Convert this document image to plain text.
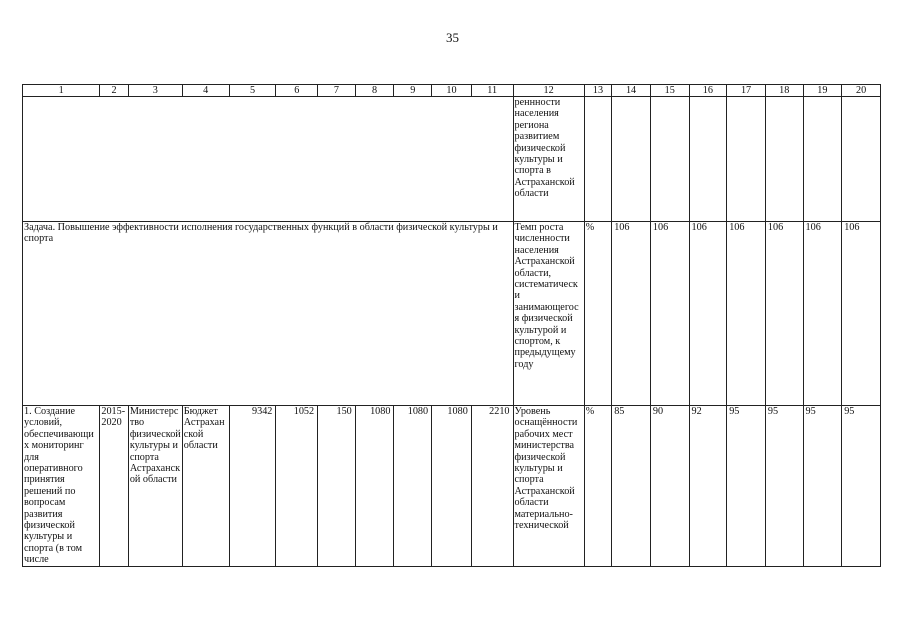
35
1	2	3	4	5	6	7	8	9	10	11	12	13	14	15	16	17	18	19	20
											реннности населения региона развитием физической культуры и спорта в Астраханской области								
Задача. Повышение эффективности исполнения государственных функций в области физической культуры и спорта											Темп роста численности населения Астраханской области, систематически занимающегося физической культурой и спортом, к предыдущему году	%	106	106	106	106	106	106	106
1. Создание условий, обеспечивающих мониторинг для оперативного принятия решений по вопросам развития физической культуры и спорта (в том числе	2015-2020	Министерство физической культуры и спорта Астраханской области	Бюджет Астраханской области	9342	1052	150	1080	1080	1080	2210	Уровень оснащённости рабочих мест министерства физической культуры и спорта Астраханской области материально-технической	%	85	90	92	95	95	95	95
